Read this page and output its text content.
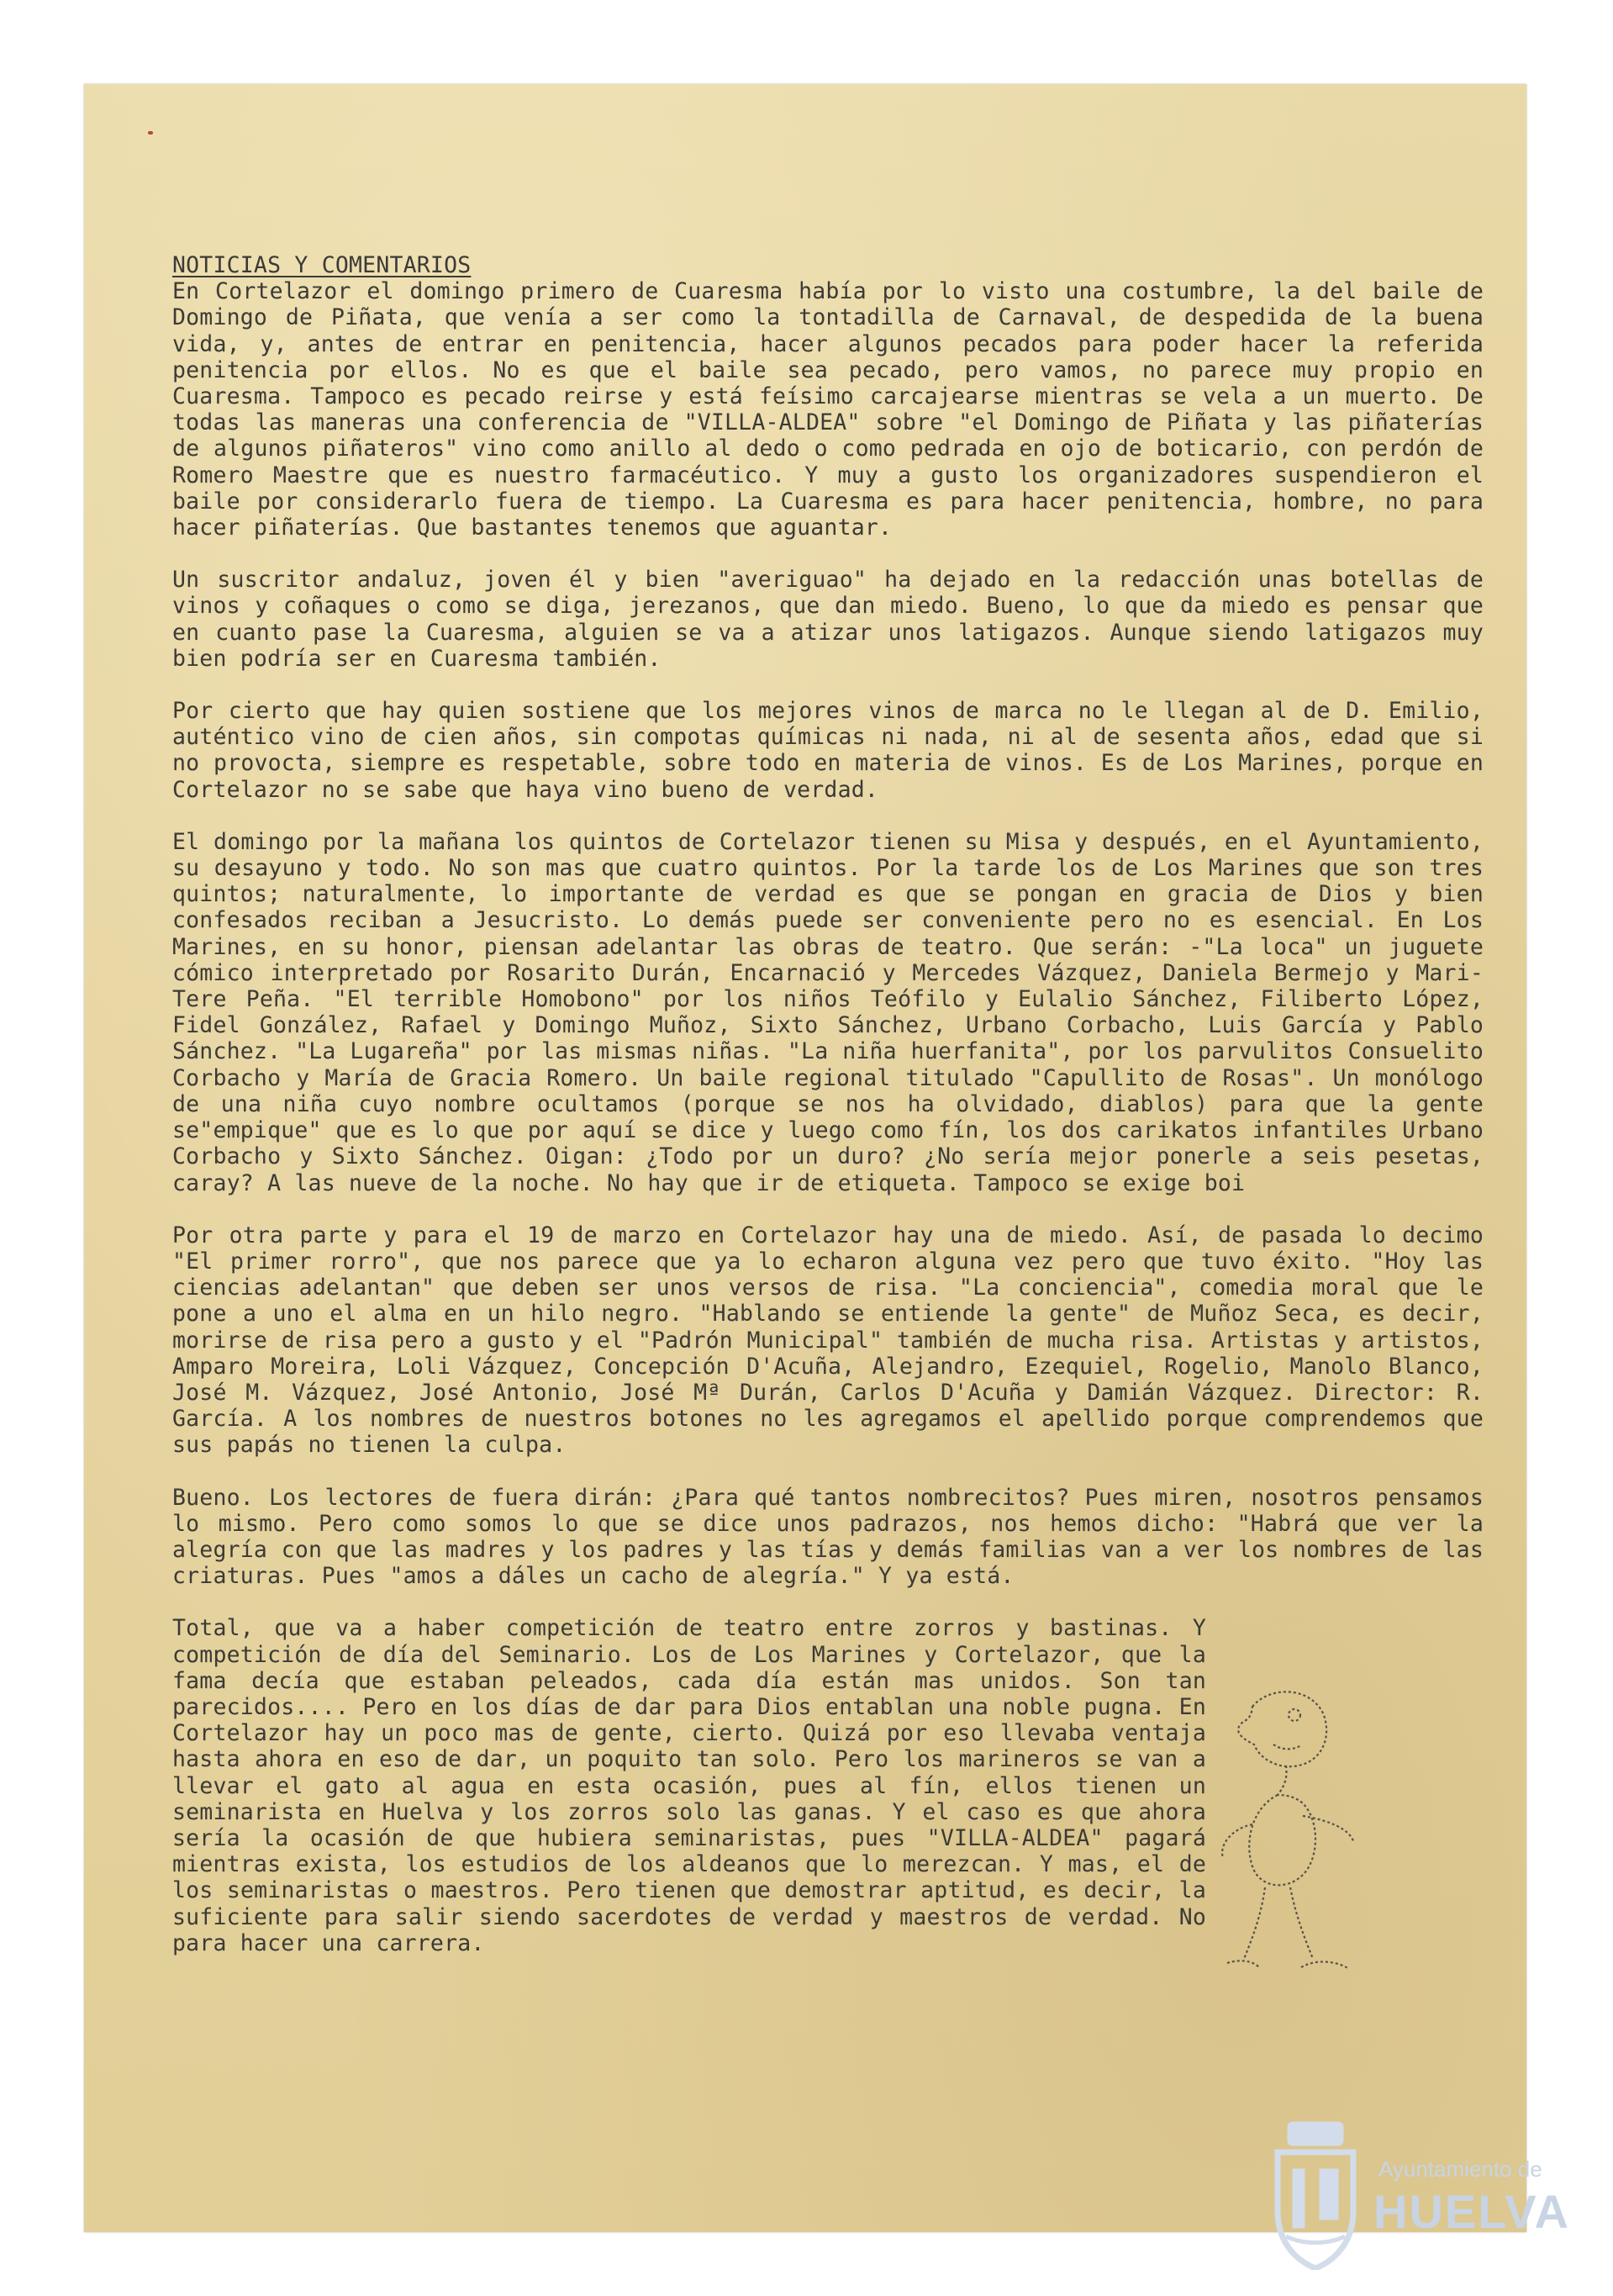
NOTICIAS Y COMENTARIOS

En Cortelazor el domingo primero de Cuaresma había por lo visto una costumbre, la del baile de Domingo de Piñata, que venía a ser como la tontadilla de Carnaval, de despedida de la buena vida, y, antes de entrar en penitencia, hacer algunos pecados para poder hacer la referida penitencia por ellos. No es que el baile sea pecado, pero vamos, no parece muy propio en Cuaresma. Tampoco es pecado reirse y está feísimo carcajearse mientras se vela a un muerto. De todas las maneras una conferencia de "VILLA-ALDEA" sobre "el Domingo de Piñata y las piñaterías de algunos piñateros" vino como anillo al dedo o como pedrada en ojo de boticario, con perdón de Romero Maestre que es nuestro farmacéutico. Y muy a gusto los organizadores suspendieron el baile por considerarlo fuera de tiempo. La Cuaresma es para hacer penitencia, hombre, no para hacer piñaterías. Que bastantes tenemos que aguantar.

Un suscritor andaluz, joven él y bien "averiguao" ha dejado en la redacción unas botellas de vinos y coñaques o como se diga, jerezanos, que dan miedo. Bueno, lo que da miedo es pensar que en cuanto pase la Cuaresma, alguien se va a atizar unos latigazos. Aunque siendo latigazos muy bien podría ser en Cuaresma también.

Por cierto que hay quien sostiene que los mejores vinos de marca no le llegan al de D. Emilio, auténtico vino de cien años, sin compotas químicas ni nada, ni al de sesenta años, edad que si no provocta, siempre es respetable, sobre todo en materia de vinos. Es de Los Marines, porque en Cortelazor no se sabe que haya vino bueno de verdad.

El domingo por la mañana los quintos de Cortelazor tienen su Misa y después, en el Ayuntamiento, su desayuno y todo. No son mas que cuatro quintos. Por la tarde los de Los Marines que son tres quintos; naturalmente, lo importante de verdad es que se pongan en gracia de Dios y bien confesados reciban a Jesucristo. Lo demás puede ser conveniente pero no es esencial. En Los Marines, en su honor, piensan adelantar las obras de teatro. Que serán: -"La loca" un juguete cómico interpretado por Rosarito Durán, Encarnació y Mercedes Vázquez, Daniela Bermejo y Mari-Tere Peña. "El terrible Homobono" por los niños Teófilo y Eulalio Sánchez, Filiberto López, Fidel González, Rafael y Domingo Muñoz, Sixto Sánchez, Urbano Corbacho, Luis García y Pablo Sánchez. "La Lugareña" por las mismas niñas. "La niña huerfanita", por los parvulitos Consuelito Corbacho y María de Gracia Romero. Un baile regional titulado "Capullito de Rosas". Un monólogo de una niña cuyo nombre ocultamos (porque se nos ha olvidado, diablos) para que la gente se"empique" que es lo que por aquí se dice y luego como fín, los dos carikatos infantiles Urbano Corbacho y Sixto Sánchez. Oigan: ¿Todo por un duro? ¿No sería mejor ponerle a seis pesetas, caray? A las nueve de la noche. No hay que ir de etiqueta. Tampoco se exige boi

Por otra parte y para el 19 de marzo en Cortelazor hay una de miedo. Así, de pasada lo decimo "El primer rorro", que nos parece que ya lo echaron alguna vez pero que tuvo éxito. "Hoy las ciencias adelantan" que deben ser unos versos de risa. "La conciencia", comedia moral que le pone a uno el alma en un hilo negro. "Hablando se entiende la gente" de Muñoz Seca, es decir, morirse de risa pero a gusto y el "Padrón Municipal" también de mucha risa. Artistas y artistos, Amparo Moreira, Loli Vázquez, Concepción D'Acuña, Alejandro, Ezequiel, Rogelio, Manolo Blanco, José M. Vázquez, José Antonio, José Mª Durán, Carlos D'Acuña y Damián Vázquez. Director: R. García. A los nombres de nuestros botones no les agregamos el apellido porque comprendemos que sus papás no tienen la culpa.

Bueno. Los lectores de fuera dirán: ¿Para qué tantos nombrecitos? Pues miren, nosotros pensamos lo mismo. Pero como somos lo que se dice unos padrazos, nos hemos dicho: "Habrá que ver la alegría con que las madres y los padres y las tías y demás familias van a ver los nombres de las criaturas. Pues "amos a dáles un cacho de alegría." Y ya está.

Total, que va a haber competición de teatro entre zorros y bastinas. Y competición de día del Seminario. Los de Los Marines y Cortelazor, que la fama decía que estaban peleados, cada día están mas unidos. Son tan parecidos.... Pero en los días de dar para Dios entablan una noble pugna. En Cortelazor hay un poco mas de gente, cierto. Quizá por eso llevaba ventaja hasta ahora en eso de dar, un poquito tan solo. Pero los marineros se van a llevar el gato al agua en esta ocasión, pues al fín, ellos tienen un seminarista en Huelva y los zorros solo las ganas. Y el caso es que ahora sería la ocasión de que hubiera seminaristas, pues "VILLA-ALDEA" pagará mientras exista, los estudios de los aldeanos que lo merezcan. Y mas, el de los seminaristas o maestros. Pero tienen que demostrar aptitud, es decir, la suficiente para salir siendo sacerdotes de verdad y maestros de verdad. No para hacer una carrera.

Ayuntamiento de
HUELVA
